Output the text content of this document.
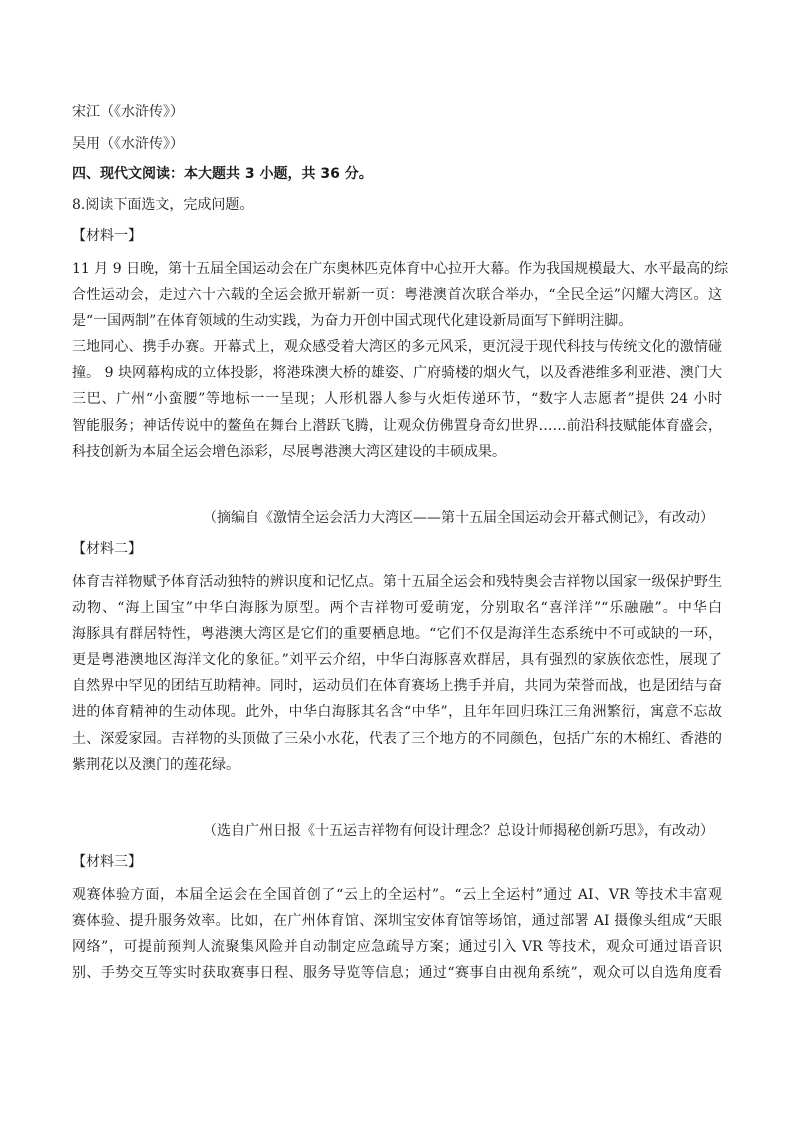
宋江（《水浒传》）
吴用（《水浒传》）
四、现代文阅读：本大题共 3 小题，共 36 分。
8.阅读下面选文，完成问题。
【材料一】
11 月 9 日晚，第十五届全国运动会在广东奥林匹克体育中心拉开大幕。作为我国规模最大、水平最高的综
合性运动会，走过六十六载的全运会掀开崭新一页：粤港澳首次联合举办，“全民全运”闪耀大湾区。这
是“一国两制”在体育领域的生动实践，为奋力开创中国式现代化建设新局面写下鲜明注脚。
三地同心、携手办赛。开幕式上，观众感受着大湾区的多元风采，更沉浸于现代科技与传统文化的激情碰
撞。 9 块网幕构成的立体投影，将港珠澳大桥的雄姿、广府骑楼的烟火气，以及香港维多利亚港、澳门大
三巴、广州“小蛮腰”等地标一一呈现；人形机器人参与火炬传递环节，“数字人志愿者”提供 24 小时
智能服务；神话传说中的鳌鱼在舞台上潜跃飞腾，让观众仿佛置身奇幻世界……前沿科技赋能体育盛会，
科技创新为本届全运会增色添彩，尽展粤港澳大湾区建设的丰硕成果。
（摘编自《激情全运会活力大湾区——第十五届全国运动会开幕式侧记》，有改动）
【材料二】
体育吉祥物赋予体育活动独特的辨识度和记忆点。第十五届全运会和残特奥会吉祥物以国家一级保护野生
动物、“海上国宝”中华白海豚为原型。两个吉祥物可爱萌宠，分别取名“喜洋洋”“乐融融”。中华白
海豚具有群居特性，粤港澳大湾区是它们的重要栖息地。“它们不仅是海洋生态系统中不可或缺的一环，
更是粤港澳地区海洋文化的象征。”刘平云介绍，中华白海豚喜欢群居，具有强烈的家族依恋性，展现了
自然界中罕见的团结互助精神。同时，运动员们在体育赛场上携手并肩，共同为荣誉而战，也是团结与奋
进的体育精神的生动体现。此外，中华白海豚其名含“中华”，且年年回归珠江三角洲繁衍，寓意不忘故
土、深爱家园。吉祥物的头顶做了三朵小水花，代表了三个地方的不同颜色，包括广东的木棉红、香港的
紫荆花以及澳门的莲花绿。
（选自广州日报《十五运吉祥物有何设计理念？总设计师揭秘创新巧思》，有改动）
【材料三】
观赛体验方面，本届全运会在全国首创了“云上的全运村”。“云上全运村”通过 AI、VR 等技术丰富观
赛体验、提升服务效率。比如，在广州体育馆、深圳宝安体育馆等场馆，通过部署 AI 摄像头组成“天眼
网络”，可提前预判人流聚集风险并自动制定应急疏导方案；通过引入 VR 等技术，观众可通过语音识
别、手势交互等实时获取赛事日程、服务导览等信息；通过“赛事自由视角系统”，观众可以自选角度看
